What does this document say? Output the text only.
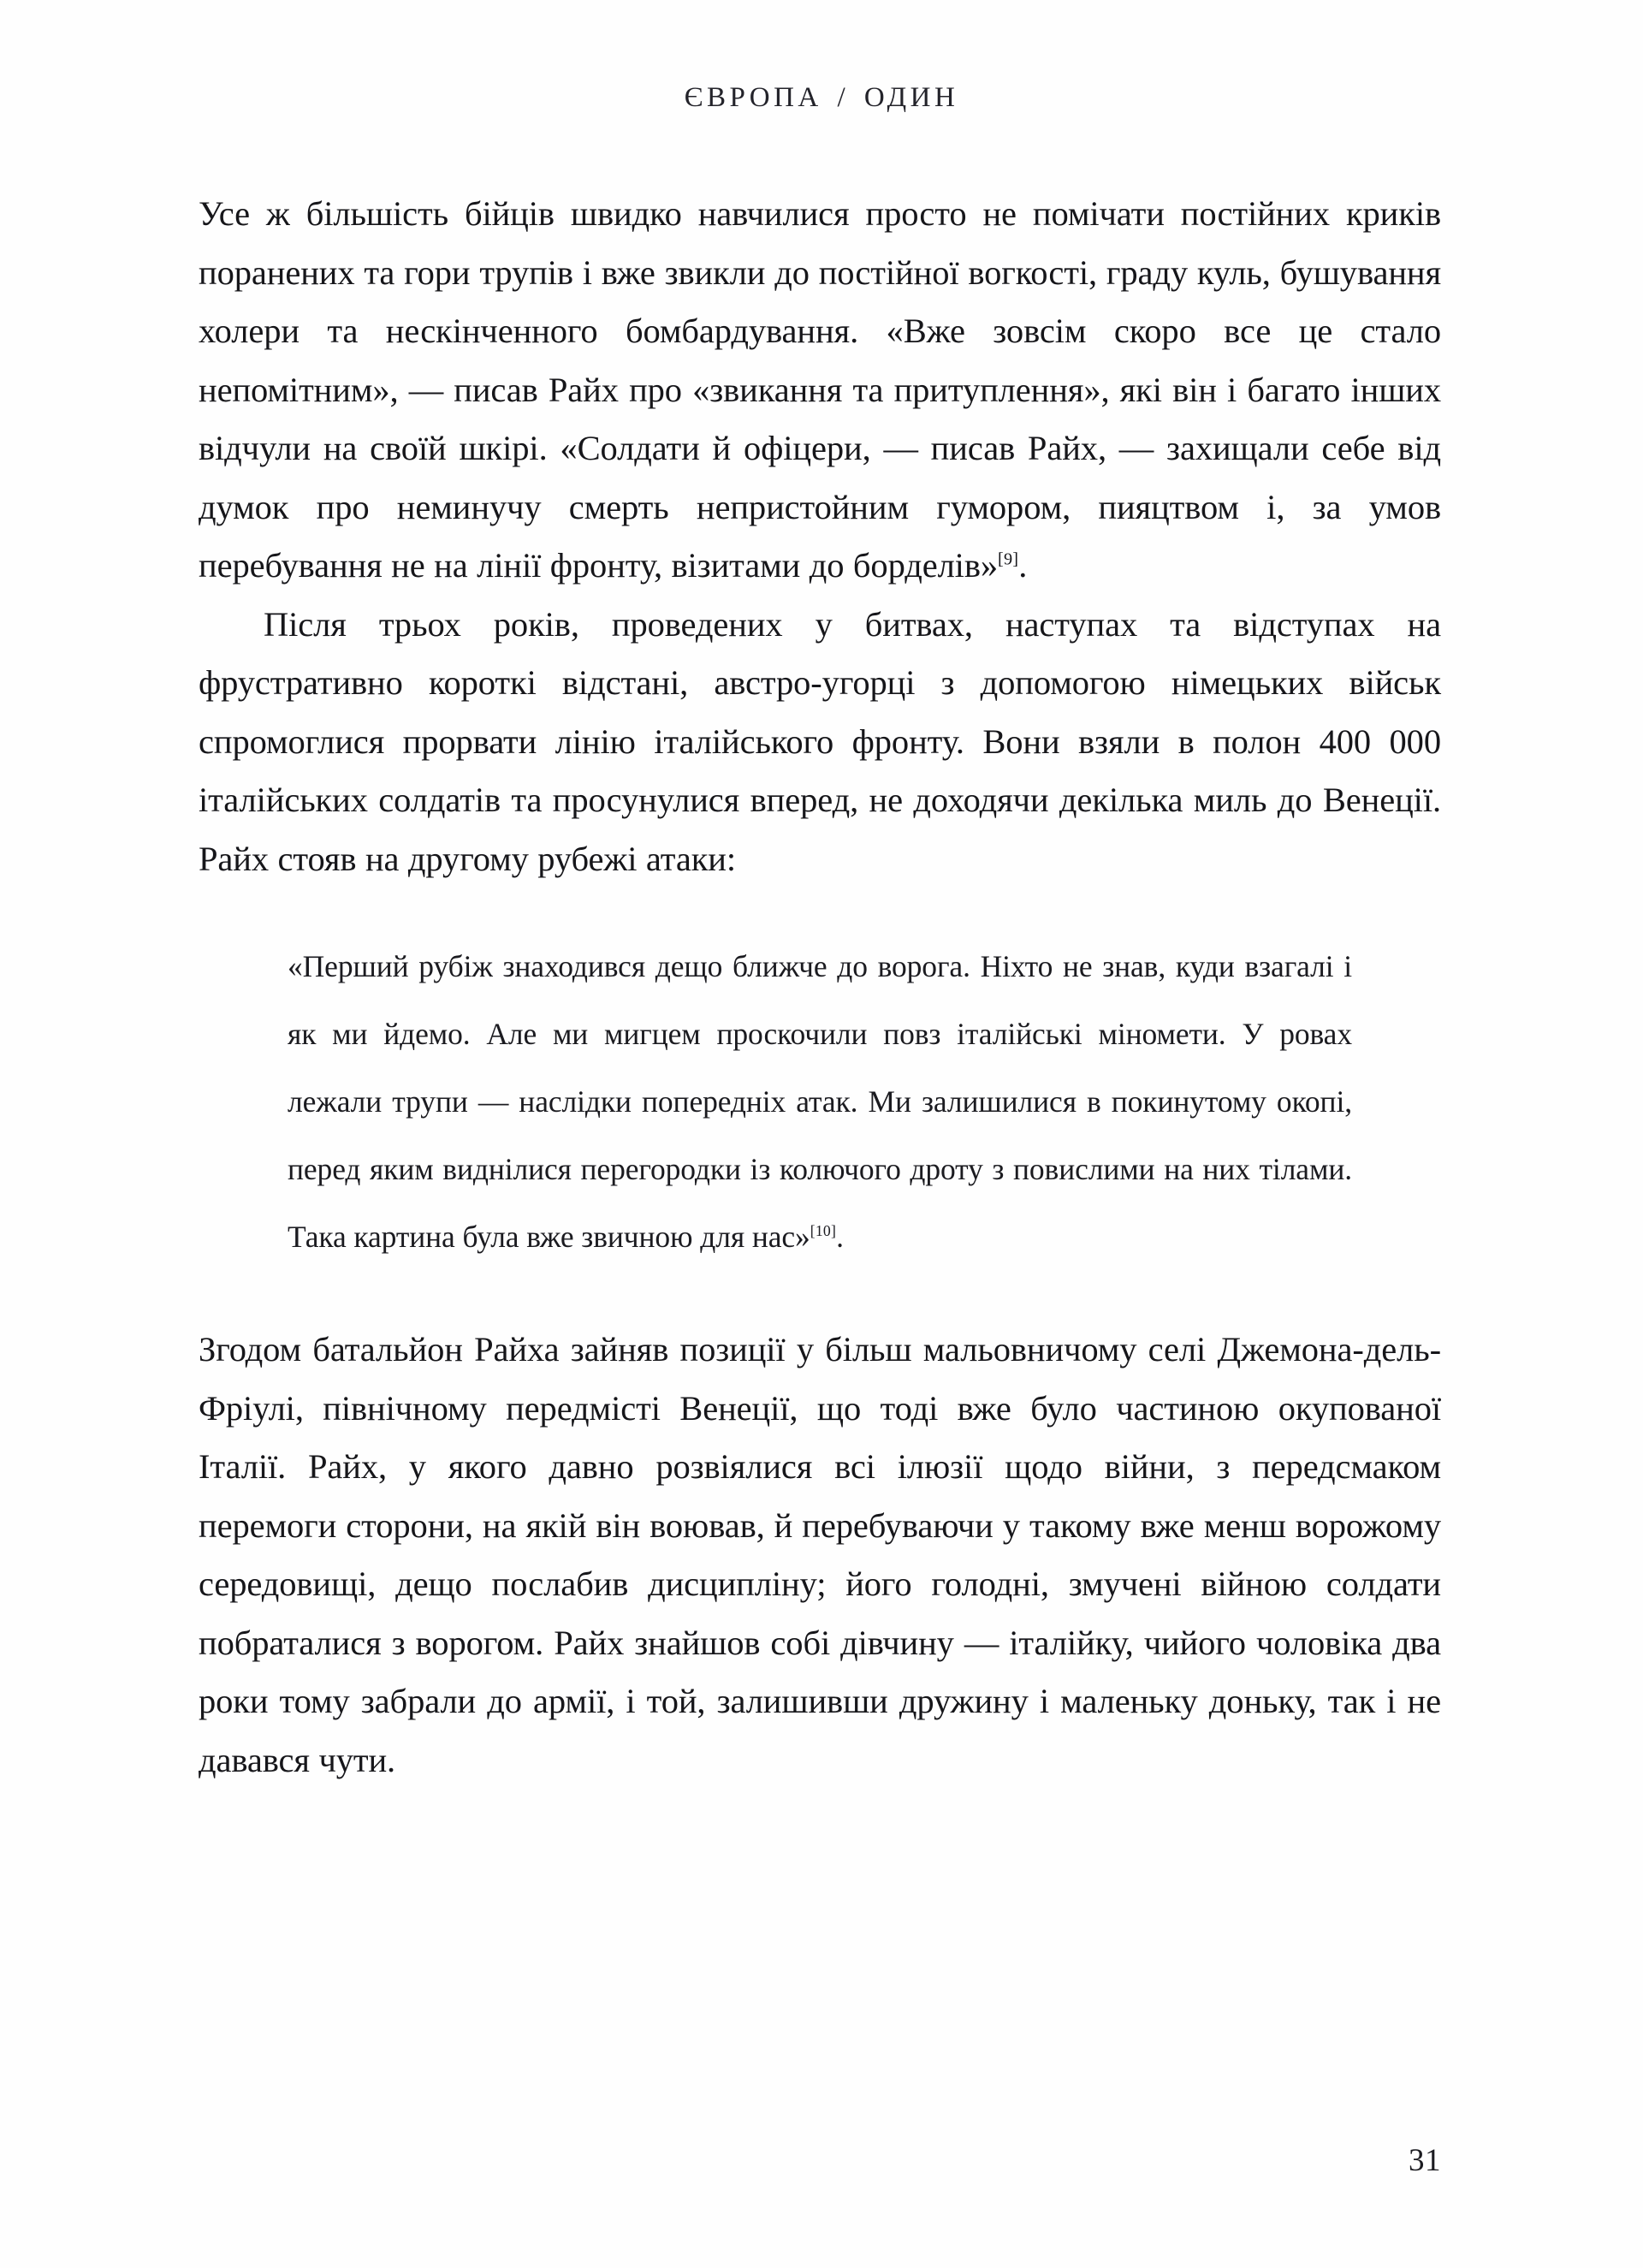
ЄВРОПА / ОДИН

Усе ж більшість бійців швидко навчилися просто не помічати постійних криків поранених та гори трупів і вже звикли до постійної вогкості, граду куль, бушування холери та нескінченного бомбардування. «Вже зовсім скоро все це стало непомітним», — писав Райх про «звикання та притуплення», які він і багато інших відчули на своїй шкірі. «Солдати й офіцери, — писав Райх, — захищали себе від думок про неминучу смерть непристойним гумором, пияцтвом і, за умов перебування не на лінії фронту, візитами до борделів»[9].

Після трьох років, проведених у битвах, наступах та відступах на фрустративно короткі відстані, австро-угорці з допомогою німецьких військ спромоглися прорвати лінію італійського фронту. Вони взяли в полон 400 000 італійських солдатів та просунулися вперед, не доходячи декілька миль до Венеції. Райх стояв на другому рубежі атаки:

«Перший рубіж знаходився дещо ближче до ворога. Ніхто не знав, куди взагалі і як ми йдемо. Але ми мигцем проскочили повз італійські міномети. У ровах лежали трупи — наслідки попередніх атак. Ми залишилися в покинутому окопі, перед яким виднілися перегородки із колючого дроту з повислими на них тілами. Така картина була вже звичною для нас»[10].

Згодом батальйон Райха зайняв позиції у більш мальовничому селі Джемона-дель-Фріулі, північному передмісті Венеції, що тоді вже було частиною окупованої Італії. Райх, у якого давно розвіялися всі ілюзії щодо війни, з передсмаком перемоги сторони, на якій він воював, й перебуваючи у такому вже менш ворожому середовищі, дещо послабив дисципліну; його голодні, змучені війною солдати побраталися з ворогом. Райх знайшов собі дівчину — італійку, чийого чоловіка два роки тому забрали до армії, і той, залишивши дружину і маленьку доньку, так і не давався чути.

31
